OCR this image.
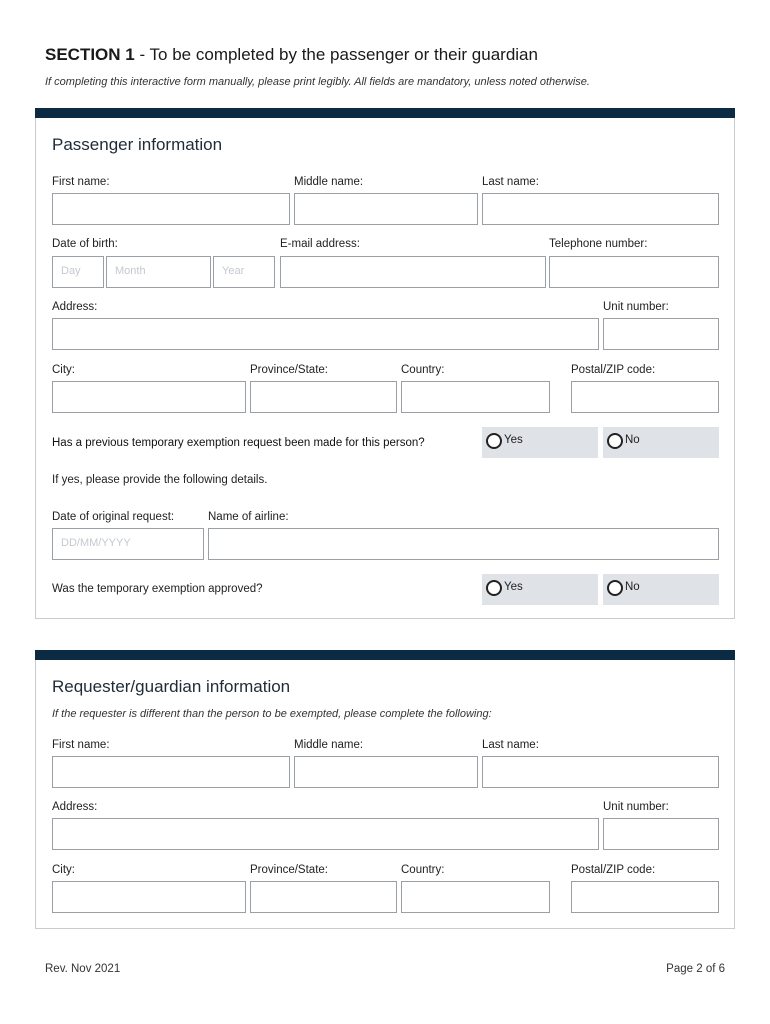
SECTION 1 - To be completed by the passenger or their guardian
If completing this interactive form manually, please print legibly. All fields are mandatory, unless noted otherwise.
Passenger information
First name:	Middle name:	Last name:
Date of birth:	E-mail address:	Telephone number:
Day	Month	Year
Address:	Unit number:
City:	Province/State:	Country:	Postal/ZIP code:
Has a previous temporary exemption request been made for this person?	Yes	No
If yes, please provide the following details.
Date of original request:	Name of airline:
DD/MM/YYYY
Was the temporary exemption approved?	Yes	No
Requester/guardian information
If the requester is different than the person to be exempted, please complete the following:
First name:	Middle name:	Last name:
Address:	Unit number:
City:	Province/State:	Country:	Postal/ZIP code:
Rev. Nov 2021	Page 2 of 6
